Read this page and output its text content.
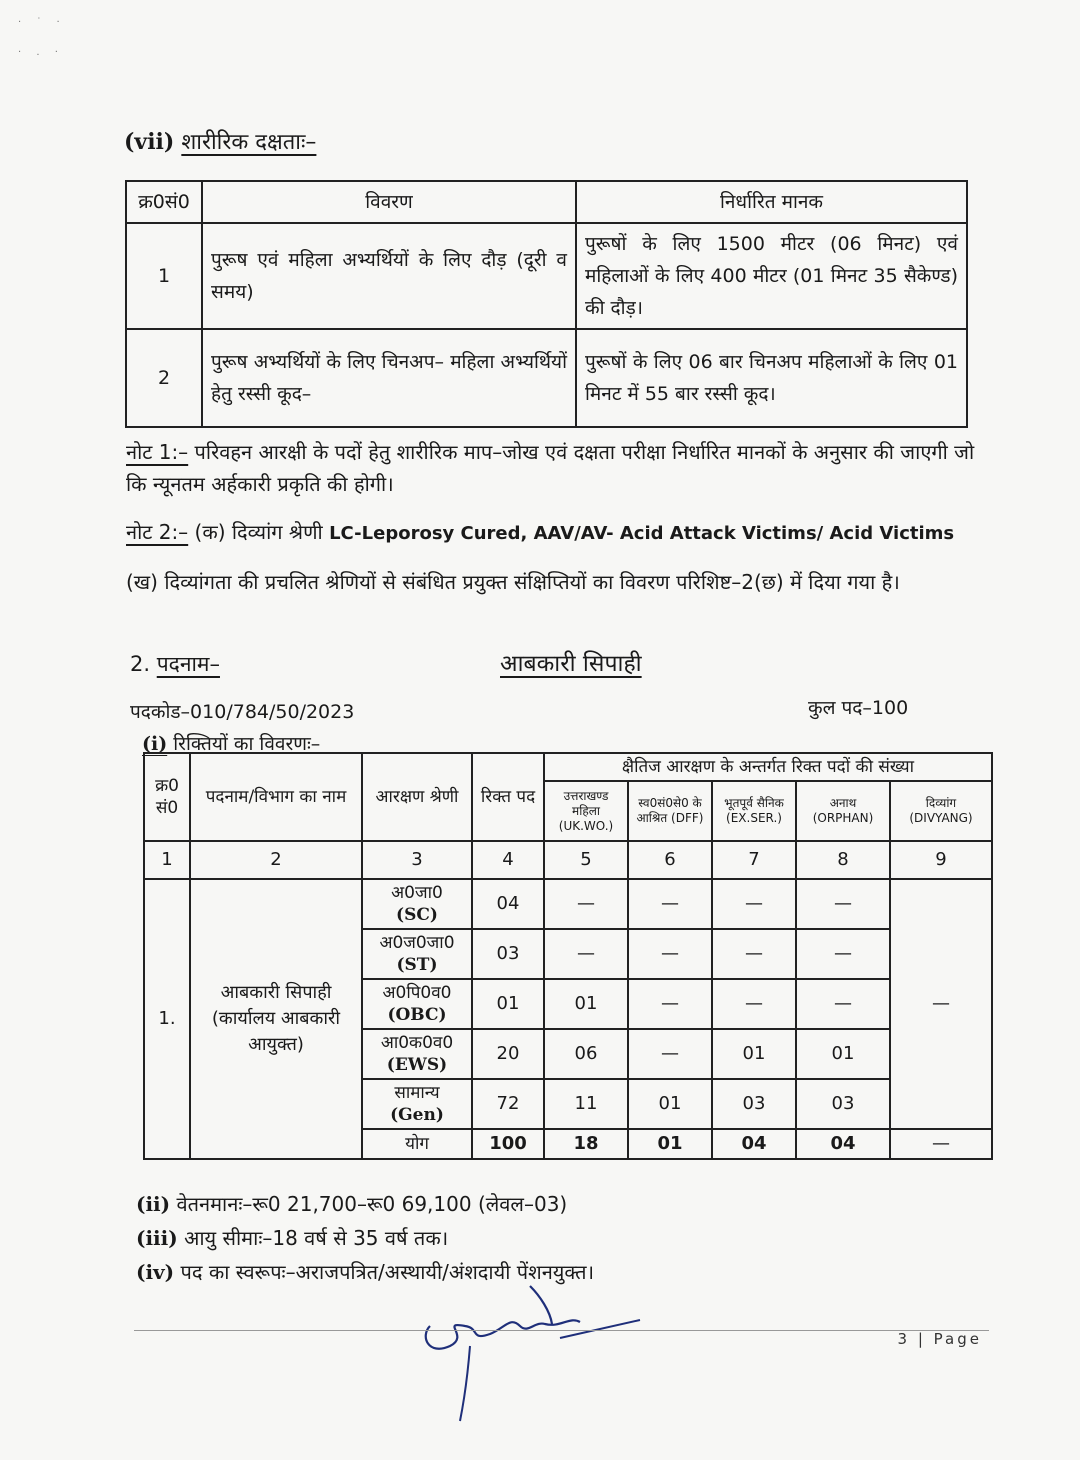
· ˙ ·
· . ·
(vii) शारीरिक दक्षताः–
क्र0सं0	विवरण	निर्धारित मानक
1	पुरूष एवं महिला अभ्यर्थियों के लिए दौड़ (दूरी व समय)	पुरूषों के लिए 1500 मीटर (06 मिनट) एवं महिलाओं के लिए 400 मीटर (01 मिनट 35 सैकेण्ड) की दौड़।
2	पुरूष अभ्यर्थियों के लिए चिनअप– महिला अभ्यर्थियों हेतु रस्सी कूद–	पुरूषों के लिए 06 बार चिनअप महिलाओं के लिए 01 मिनट में 55 बार रस्सी कूद।
नोट 1:– परिवहन आरक्षी के पदों हेतु शारीरिक माप–जोख एवं दक्षता परीक्षा निर्धारित मानकों के अनुसार की जाएगी जो कि न्यूनतम अर्हकारी प्रकृति की होगी।
नोट 2:– (क) दिव्यांग श्रेणी LC-Leporosy Cured, AAV/AV- Acid Attack Victims/ Acid Victims
(ख) दिव्यांगता की प्रचलित श्रेणियों से संबंधित प्रयुक्त संक्षिप्तियों का विवरण परिशिष्ट–2(छ) में दिया गया है।
2. पदनाम–	आबकारी सिपाही
पदकोड–010/784/50/2023	कुल पद–100
(i) रिक्तियों का विवरणः–
क्र0 सं0	पदनाम/विभाग का नाम	आरक्षण श्रेणी	रिक्त पद	क्षैतिज आरक्षण के अन्तर्गत रिक्त पदों की संख्या				
				उत्तराखण्ड महिला (UK.WO.)	स्व0सं0से0 के आश्रित (DFF)	भूतपूर्व सैनिक (EX.SER.)	अनाथ (ORPHAN)	दिव्यांग (DIVYANG)
1	2	3	4	5	6	7	8	9
1.	आबकारी सिपाही (कार्यालय आबकारी आयुक्त)	अ0जा0
(SC)	04	—	—	—	—	—
		अ0ज0जा0
(ST)	03	—	—	—	—	
		अ0पि0व0
(OBC)	01	01	—	—	—	
		आ0क0व0
(EWS)	20	06	—	01	01	
		सामान्य
(Gen)	72	11	01	03	03	
		योग	100	18	01	04	04	—
(ii) वेतनमानः–रू0 21,700–रू0 69,100 (लेवल–03)
(iii) आयु सीमाः–18 वर्ष से 35 वर्ष तक।
(iv) पद का स्वरूपः–अराजपत्रित/अस्थायी/अंशदायी पेंशनयुक्त।
3 | Page
